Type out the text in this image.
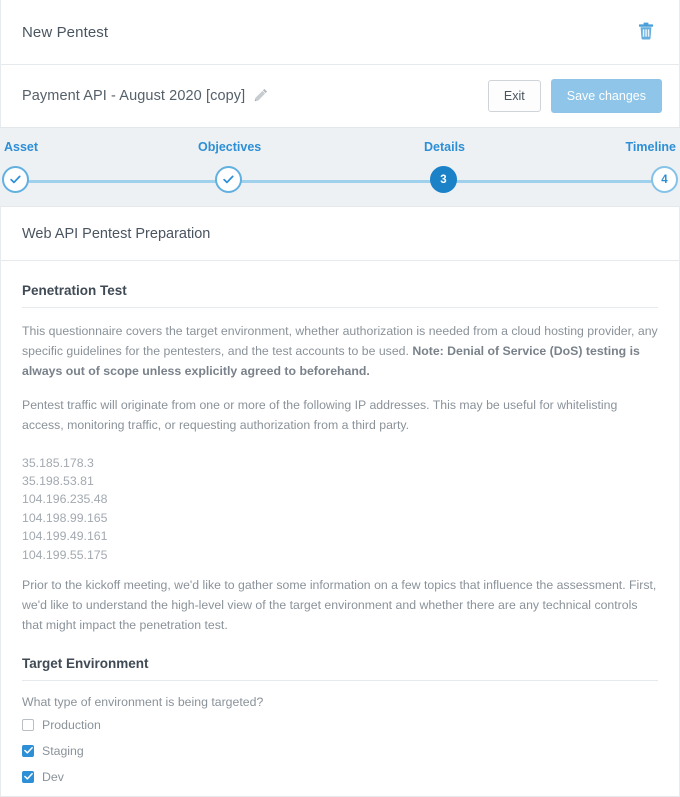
New Pentest
Payment API - August 2020 [copy]	Exit	Save changes
Asset	Objectives	Details	Timeline
3	4
Web API Pentest Preparation
Penetration Test

This questionnaire covers the target environment, whether authorization is needed from a cloud hosting provider, any specific guidelines for the pentesters, and the test accounts to be used. Note: Denial of Service (DoS) testing is always out of scope unless explicitly agreed to beforehand.

Pentest traffic will originate from one or more of the following IP addresses. This may be useful for whitelisting access, monitoring traffic, or requesting authorization from a third party.

35.185.178.3
35.198.53.81
104.196.235.48
104.198.99.165
104.199.49.161
104.199.55.175

Prior to the kickoff meeting, we'd like to gather some information on a few topics that influence the assessment. First, we'd like to understand the high-level view of the target environment and whether there are any technical controls that might impact the penetration test.

Target Environment

What type of environment is being targeted?

Production
Staging
Dev
